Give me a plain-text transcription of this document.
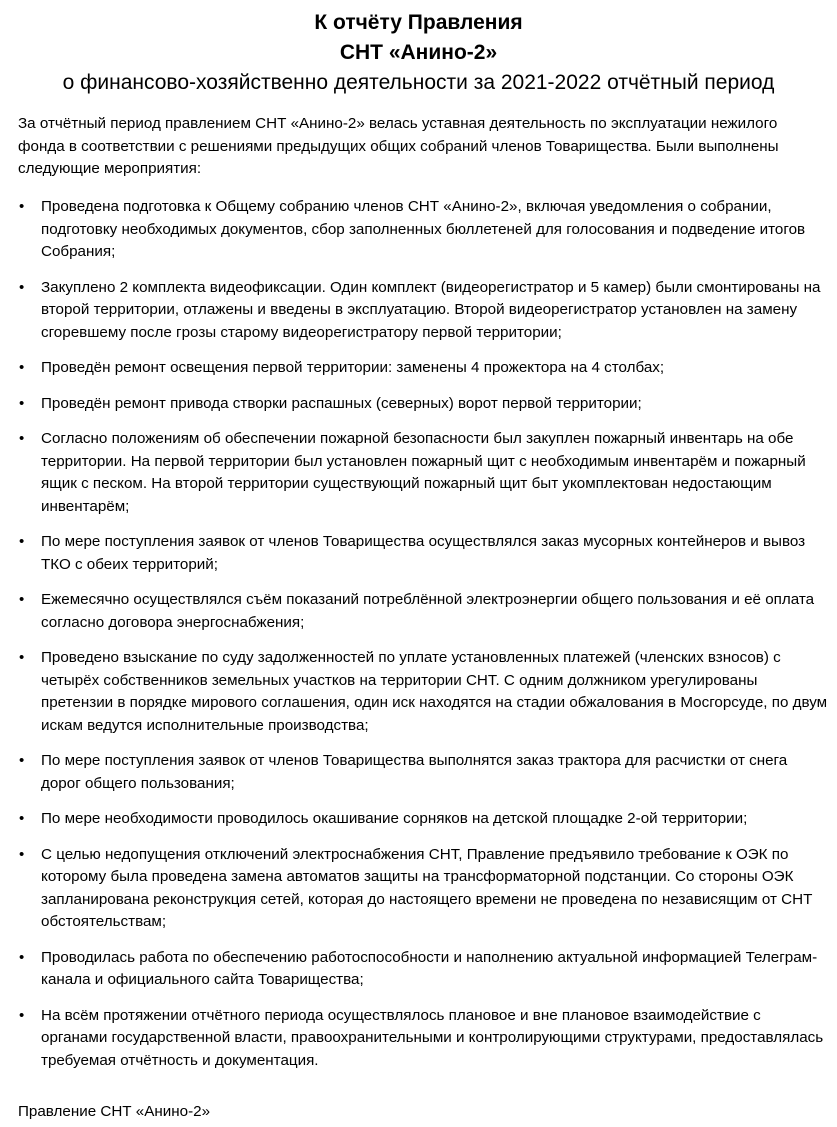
К отчёту Правления
СНТ «Анино-2»
о финансово-хозяйственно деятельности за 2021-2022 отчётный период

За отчётный период правлением СНТ «Анино-2» велась уставная деятельность по эксплуатации нежилого фонда в соответствии с решениями предыдущих общих собраний членов Товарищества. Были выполнены следующие мероприятия:

• Проведена подготовка к Общему собранию членов СНТ «Анино-2», включая уведомления о собрании, подготовку необходимых документов, сбор заполненных бюллетеней для голосования и подведение итогов Собрания;
• Закуплено 2 комплекта видеофиксации. Один комплект (видеорегистратор и 5 камер) были смонтированы на второй территории, отлажены и введены в эксплуатацию. Второй видеорегистратор установлен на замену сгоревшему после грозы старому видеорегистратору первой территории;
• Проведён ремонт освещения первой территории: заменены 4 прожектора на 4 столбах;
• Проведён ремонт привода створки распашных (северных) ворот первой территории;
• Согласно положениям об обеспечении пожарной безопасности был закуплен пожарный инвентарь на обе территории. На первой территории был установлен пожарный щит с необходимым инвентарём и пожарный ящик с песком. На второй территории существующий пожарный щит быт укомплектован недостающим инвентарём;
• По мере поступления заявок от членов Товарищества осуществлялся заказ мусорных контейнеров и вывоз ТКО с обеих территорий;
• Ежемесячно осуществлялся съём показаний потреблённой электроэнергии общего пользования и её оплата согласно договора энергоснабжения;
• Проведено взыскание по суду задолженностей по уплате установленных платежей (членских взносов) с четырёх собственников земельных участков на территории СНТ. С одним должником урегулированы претензии в порядке мирового соглашения, один иск находятся на стадии обжалования в Мосгорсуде, по двум искам ведутся исполнительные производства;
• По мере поступления заявок от членов Товарищества выполнятся заказ трактора для расчистки от снега дорог общего пользования;
• По мере необходимости проводилось окашивание сорняков на детской площадке 2-ой территории;
• С целью недопущения отключений электроснабжения СНТ, Правление предъявило требование к ОЭК по которому была проведена замена автоматов защиты на трансформаторной подстанции. Со стороны ОЭК запланирована реконструкция сетей, которая до настоящего времени не проведена по независящим от СНТ обстоятельствам;
• Проводилась работа по обеспечению работоспособности и наполнению актуальной информацией Телеграм-канала и официального сайта Товарищества;
• На всём протяжении отчётного периода осуществлялось плановое и вне плановое взаимодействие с органами государственной власти, правоохранительными и контролирующими структурами, предоставлялась требуемая отчётность и документация.
Правление СНТ «Анино-2»
